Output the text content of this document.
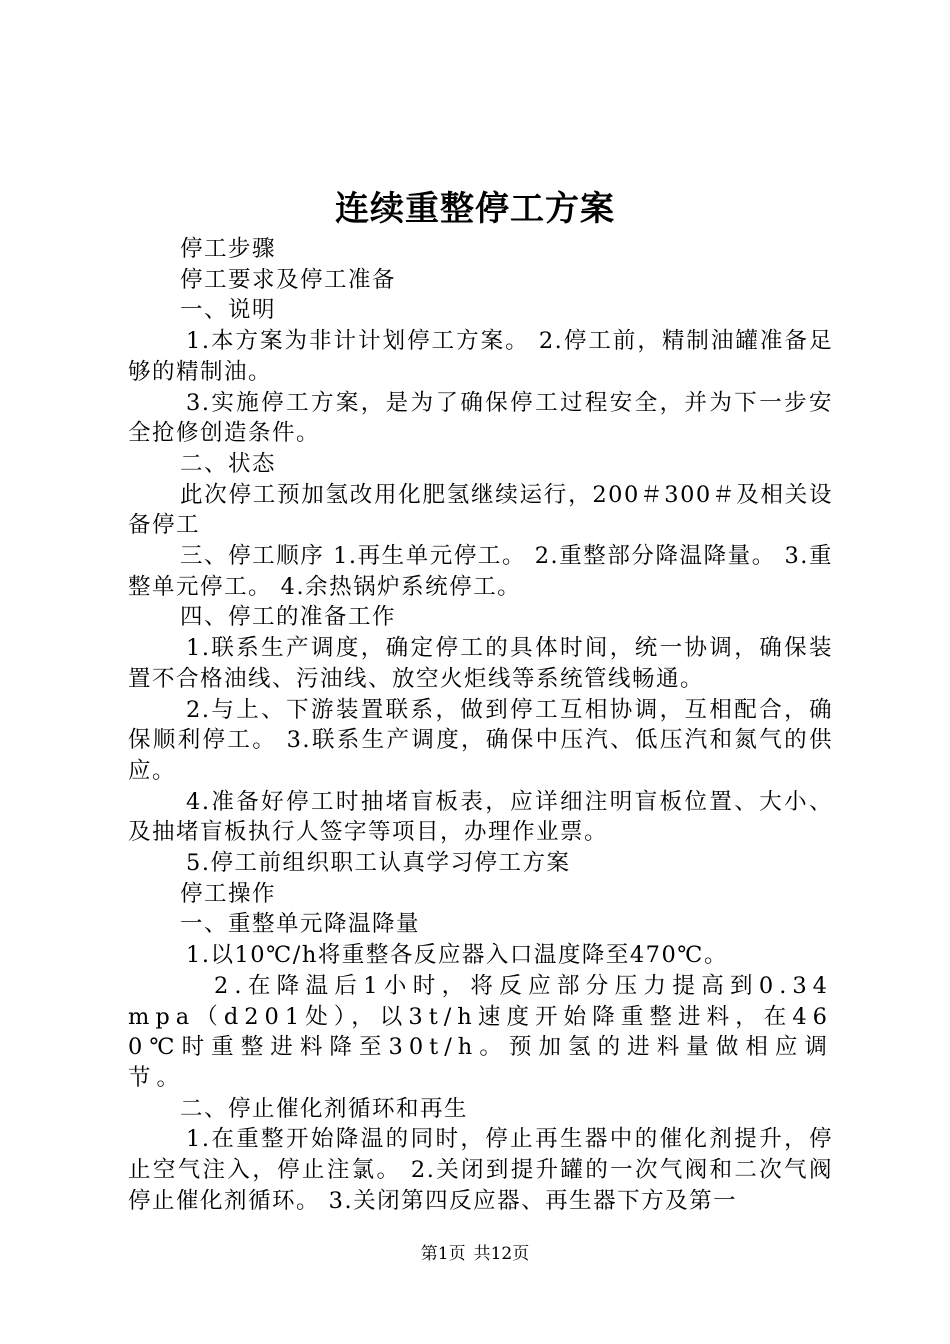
连续重整停工方案

停工步骤

停工要求及停工准备

一、说明

1.本方案为非计计划停工方案。 2.停工前，精制油罐准备足够的精制油。

3.实施停工方案，是为了确保停工过程安全，并为下一步安全抢修创造条件。

二、状态

此次停工预加氢改用化肥氢继续运行，200＃300＃及相关设备停工

三、停工顺序 1.再生单元停工。 2.重整部分降温降量。 3.重整单元停工。 4.余热锅炉系统停工。

四、停工的准备工作

1.联系生产调度，确定停工的具体时间，统一协调，确保装置不合格油线、污油线、放空火炬线等系统管线畅通。

2.与上、下游装置联系，做到停工互相协调，互相配合，确保顺利停工。 3.联系生产调度，确保中压汽、低压汽和氮气的供应。

4.准备好停工时抽堵盲板表，应详细注明盲板位置、大小、及抽堵盲板执行人签字等项目，办理作业票。

5.停工前组织职工认真学习停工方案

停工操作

一、重整单元降温降量

1.以10℃/h将重整各反应器入口温度降至470℃。

2.在降温后1小时，将反应部分压力提高到0.34mpa（d201处），以3t/h速度开始降重整进料，在460℃时重整进料降至30t/h。预加氢的进料量做相应调节。

二、停止催化剂循环和再生

1.在重整开始降温的同时，停止再生器中的催化剂提升，停止空气注入，停止注氯。 2.关闭到提升罐的一次气阀和二次气阀停止催化剂循环。 3.关闭第四反应器、再生器下方及第一

第1页 共12页
